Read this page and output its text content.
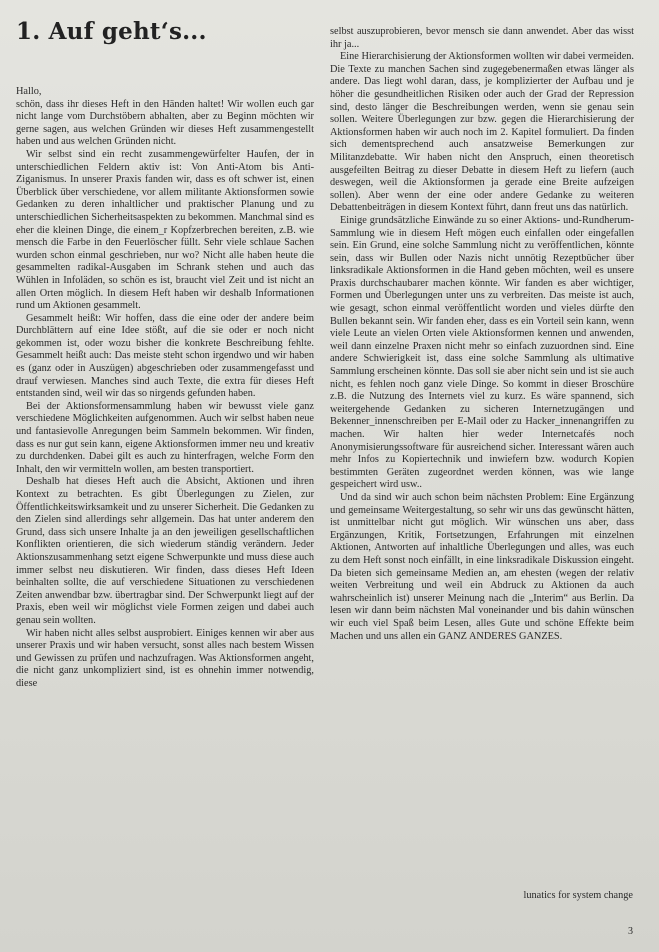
1. Auf geht‘s...

Hallo,

schön, dass ihr dieses Heft in den Händen haltet! Wir wollen euch gar nicht lange vom Durchstöbern abhalten, aber zu Beginn möchten wir gerne sagen, aus welchen Gründen wir dieses Heft zusammengestellt haben und aus welchen Gründen nicht.

Wir selbst sind ein recht zusammengewürfelter Haufen, der in unterschiedlichen Feldern aktiv ist: Von Anti-Atom bis Anti-Ziganismus. In unserer Praxis fanden wir, dass es oft schwer ist, einen Überblick über verschiedene, vor allem militante Aktionsformen sowie Gedanken zu deren inhaltlicher und praktischer Planung und zu unterschiedlichen Sicherheitsaspekten zu bekommen. Manchmal sind es eher die kleinen Dinge, die einem_r Kopfzerbrechen bereiten, z.B. wie mensch die Farbe in den Feuerlöscher füllt. Sehr viele schlaue Sachen wurden schon einmal geschrieben, nur wo? Nicht alle haben heute die gesammelten radikal-Ausgaben im Schrank stehen und auch das Wühlen in Infoläden, so schön es ist, braucht viel Zeit und ist nicht an allen Orten möglich. In diesem Heft haben wir deshalb Informationen rund um Aktionen gesammelt.

Gesammelt heißt: Wir hoffen, dass die eine oder der andere beim Durchblättern auf eine Idee stößt, auf die sie oder er noch nicht gekommen ist, oder wozu bisher die konkrete Beschreibung fehlte. Gesammelt heißt auch: Das meiste steht schon irgendwo und wir haben es (ganz oder in Auszügen) abgeschrieben oder zusammengefasst und drauf verwiesen. Manches sind auch Texte, die extra für dieses Heft entstanden sind, weil wir das so nirgends gefunden haben.

Bei der Aktionsformensammlung haben wir bewusst viele ganz verschiedene Möglichkeiten aufgenommen. Auch wir selbst haben neue und fantasievolle Anregungen beim Sammeln bekommen. Wir finden, dass es nur gut sein kann, eigene Aktionsformen immer neu und kreativ zu durchdenken. Dabei gilt es auch zu hinterfragen, welche Form den Inhalt, den wir vermitteln wollen, am besten transportiert.

Deshalb hat dieses Heft auch die Absicht, Aktionen und ihren Kontext zu betrachten. Es gibt Überlegungen zu Zielen, zur Öffentlichkeitswirksamkeit und zu unserer Sicherheit. Die Gedanken zu den Zielen sind allerdings sehr allgemein. Das hat unter anderem den Grund, dass sich unsere Inhalte ja an den jeweiligen gesellschaftlichen Konflikten orientieren, die sich wiederum ständig verändern. Jeder Aktionszusammenhang setzt eigene Schwerpunkte und muss diese auch immer selbst neu diskutieren. Wir finden, dass dieses Heft Ideen beinhalten sollte, die auf verschiedene Situationen zu verschiedenen Zeiten anwendbar bzw. übertragbar sind. Der Schwerpunkt liegt auf der Praxis, eben weil wir möglichst viele Formen zeigen und dabei auch genau sein wollten.

Wir haben nicht alles selbst ausprobiert. Einiges kennen wir aber aus unserer Praxis und wir haben versucht, sonst alles nach bestem Wissen und Gewissen zu prüfen und nachzufragen. Was Aktionsformen angeht, die nicht ganz unkompliziert sind, ist es ohnehin immer notwendig, diese

selbst auszuprobieren, bevor mensch sie dann anwendet. Aber das wisst ihr ja...

Eine Hierarchisierung der Aktionsformen wollten wir dabei vermeiden. Die Texte zu manchen Sachen sind zugegebenermaßen etwas länger als andere. Das liegt wohl daran, dass, je komplizierter der Aufbau und je höher die gesundheitlichen Risiken oder auch der Grad der Repression sind, desto länger die Beschreibungen werden, wenn sie genau sein sollen. Weitere Überlegungen zur bzw. gegen die Hierarchisierung der Aktionsformen haben wir auch noch im 2. Kapitel formuliert. Da finden sich dementsprechend auch ansatzweise Bemerkungen zur Militanzdebatte. Wir haben nicht den Anspruch, einen theoretisch ausgefeilten Beitrag zu dieser Debatte in diesem Heft zu liefern (auch deswegen, weil die Aktionsformen ja gerade eine Breite aufzeigen sollen). Aber wenn der eine oder andere Gedanke zu weiteren Debattenbeiträgen in diesem Kontext führt, dann freut uns das natürlich.

Einige grundsätzliche Einwände zu so einer Aktions- und-Rundherum-Sammlung wie in diesem Heft mögen euch einfallen oder eingefallen sein. Ein Grund, eine solche Sammlung nicht zu veröffentlichen, könnte sein, dass wir Bullen oder Nazis nicht unnötig Rezeptbücher über linksradikale Aktionsformen in die Hand geben möchten, weil es unsere Praxis durchschaubarer machen könnte. Wir fanden es aber wichtiger, Formen und Überlegungen unter uns zu verbreiten. Das meiste ist auch, wie gesagt, schon einmal veröffentlicht worden und vieles dürfte den Bullen bekannt sein. Wir fanden eher, dass es ein Vorteil sein kann, wenn viele Leute an vielen Orten viele Aktionsformen kennen und anwenden, weil dann einzelne Praxen nicht mehr so einfach zuzuordnen sind. Eine andere Schwierigkeit ist, dass eine solche Sammlung als ultimative Sammlung erscheinen könnte. Das soll sie aber nicht sein und ist sie auch nicht, es fehlen noch ganz viele Dinge. So kommt in dieser Broschüre z.B. die Nutzung des Internets viel zu kurz. Es wäre spannend, sich weitergehende Gedanken zu sicheren Internetzugängen und Bekenner_innenschreiben per E-Mail oder zu Hacker_innenangriffen zu machen. Wir halten hier weder Internetcafés noch Anonymisierungssoftware für ausreichend sicher. Interessant wären auch mehr Infos zu Kopiertechnik und inwiefern bzw. wodurch Kopien bestimmten Geräten zugeordnet werden können, was wie lange gespeichert wird usw..

Und da sind wir auch schon beim nächsten Problem: Eine Ergänzung und gemeinsame Weitergestaltung, so sehr wir uns das gewünscht hätten, ist unmittelbar nicht gut möglich. Wir wünschen uns aber, dass Ergänzungen, Kritik, Fortsetzungen, Erfahrungen mit einzelnen Aktionen, Antworten auf inhaltliche Überlegungen und alles, was euch zu dem Heft sonst noch einfällt, in eine linksradikale Diskussion eingeht. Da bieten sich gemeinsame Medien an, am ehesten (wegen der relativ weiten Verbreitung und weil ein Abdruck zu Aktionen da auch wahrscheinlich ist) unserer Meinung nach die „Interim“ aus Berlin. Da lesen wir dann beim nächsten Mal voneinander und bis dahin wünschen wir euch viel Spaß beim Lesen, alles Gute und schöne Effekte beim Machen und uns allen ein GANZ ANDERES GANZES.

lunatics for system change

3
